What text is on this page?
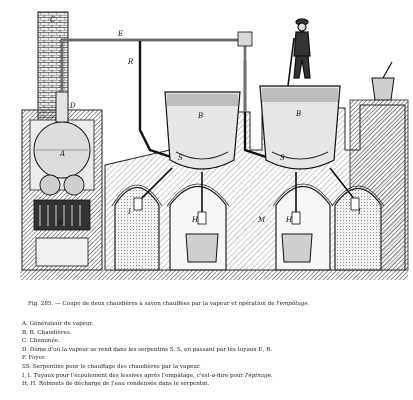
A
B	B
C
D
E
R
F
S	S
I	I
H	H
M
Fig. 285. — Coupe de deux chaudières à savon chauffées par la vapeur et opération de l'empâtage.
A. Générateur de vapeur.
B, B. Chaudières.
C. Cheminée.
D. Dôme d'où la vapeur se rend dans les serpentins S, S, en passant par les tuyaux E, R.
F. Foyer.
SS. Serpentins pour le chauffage des chaudières par la vapeur.
I, I. Tuyaux pour l'écoulement des lessives après l'empâtage, c'est-à-dire pour l'épinage.
H, H. Robinets de décharge de l'eau condensée dans le serpentin.
